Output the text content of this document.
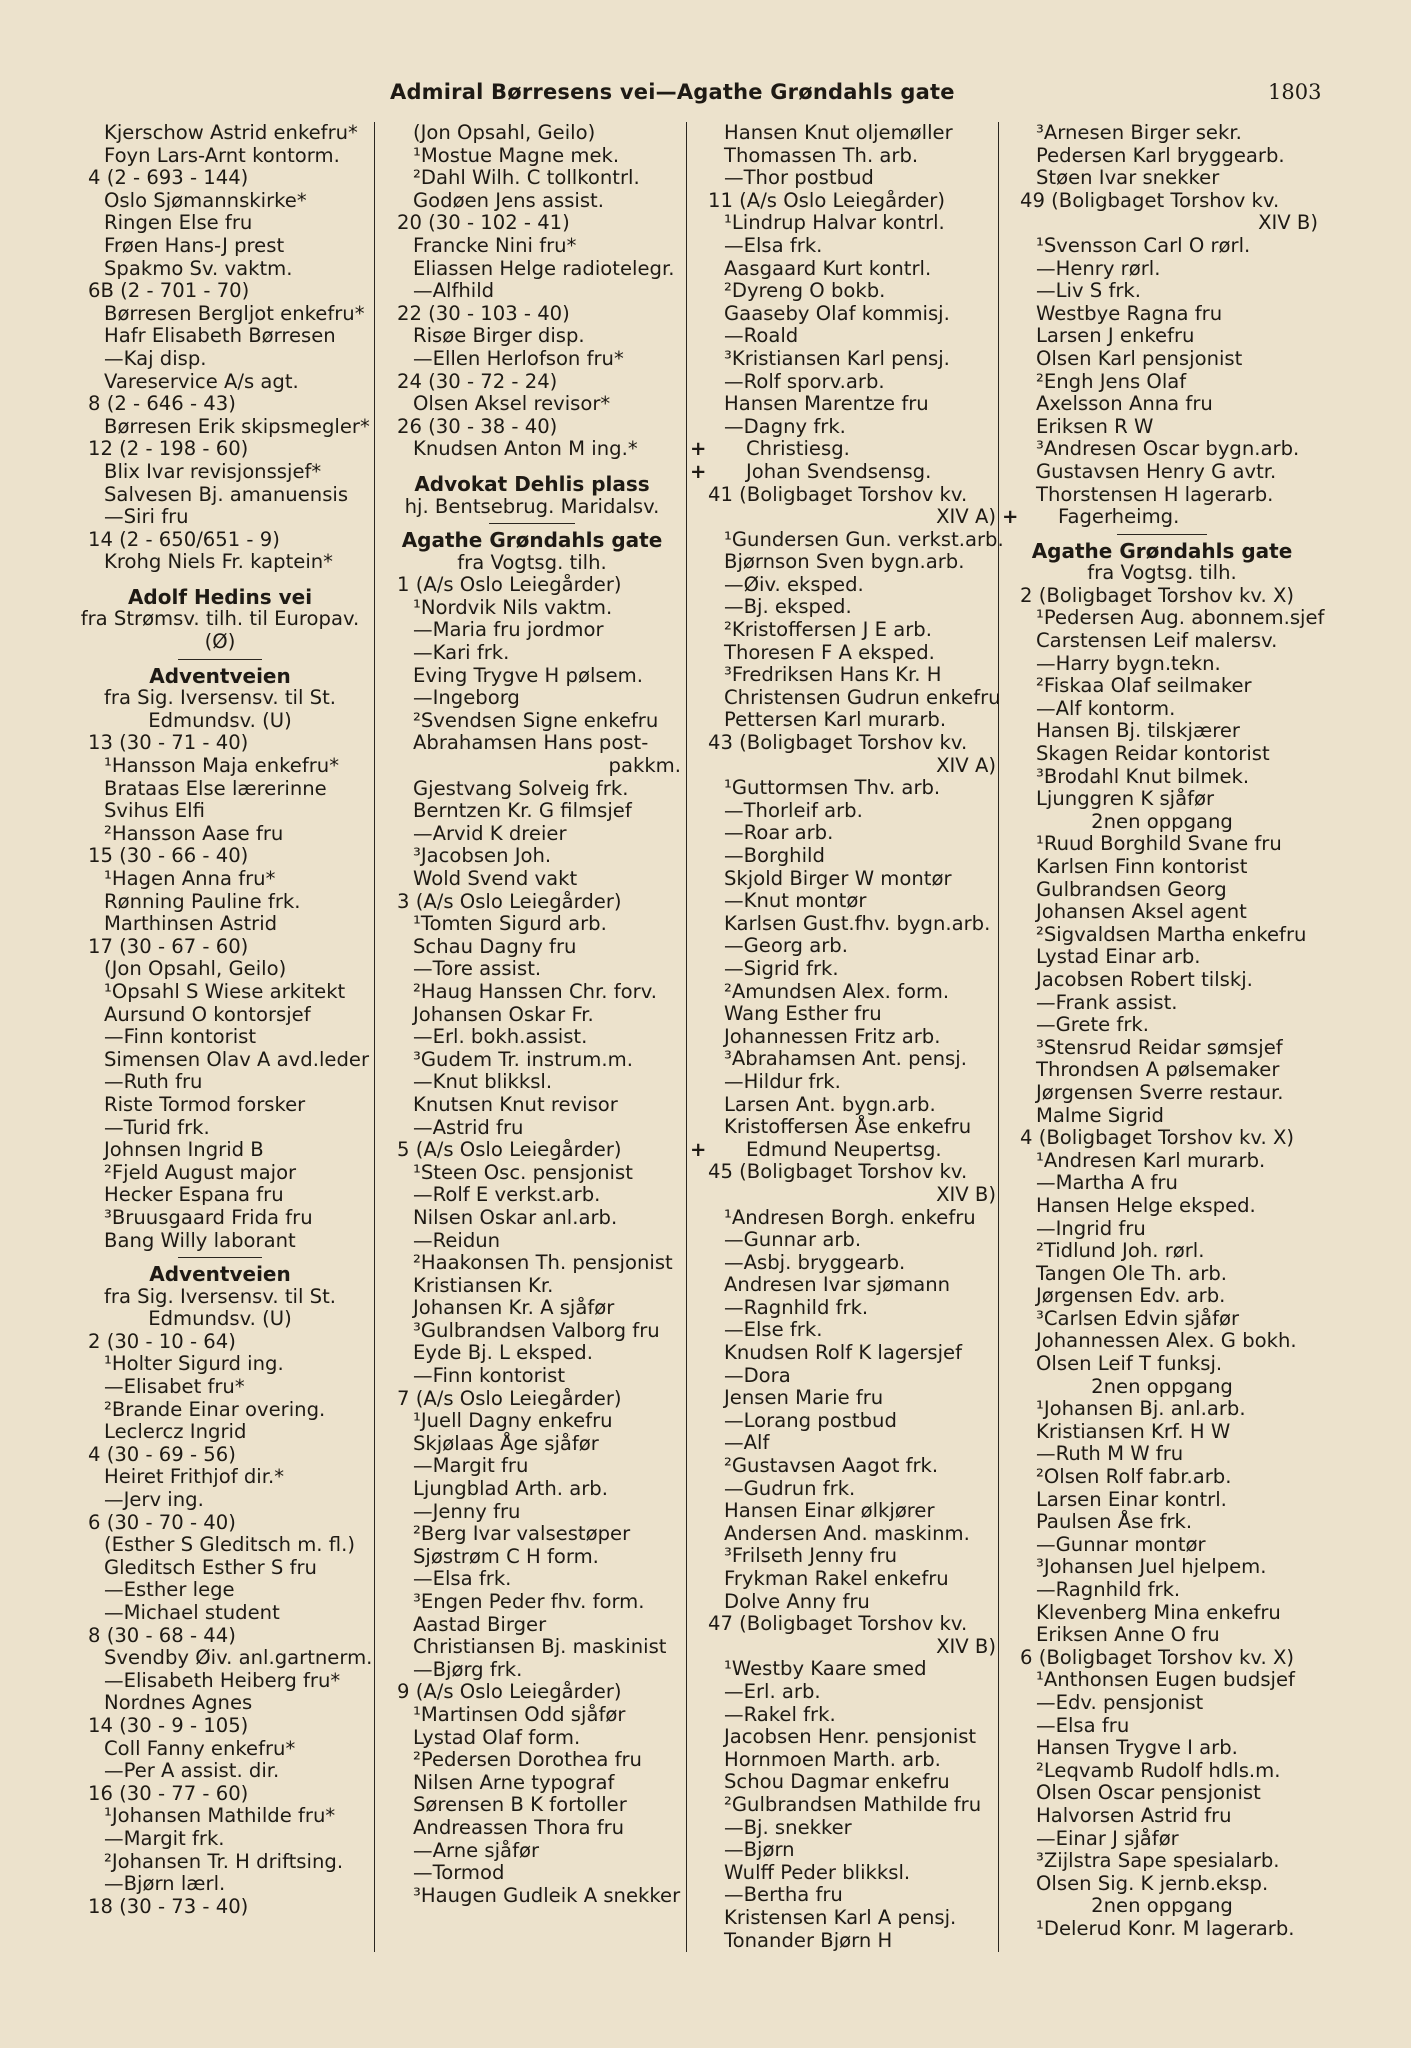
Admiral Børresens vei—Agathe Grøndahls gate	1803
Kjerschow Astrid enkefru*
Foyn Lars-Arnt kontorm.
4 (2 - 693 - 144)
Oslo Sjømannskirke*
Ringen Else fru
Frøen Hans-J prest
Spakmo Sv. vaktm.
6B (2 - 701 - 70)
Børresen Bergljot enkefru*
Hafr Elisabeth Børresen
—Kaj disp.
Vareservice A/s agt.
8 (2 - 646 - 43)
Børresen Erik skipsmegler*
12 (2 - 198 - 60)
Blix Ivar revisjonssjef*
Salvesen Bj. amanuensis
—Siri fru
14 (2 - 650/651 - 9)
Krohg Niels Fr. kaptein*
Adolf Hedins vei
fra Strømsv. tilh. til Europav.
(Ø)
Adventveien
fra Sig. Iversensv. til St.
Edmundsv. (U)
13 (30 - 71 - 40)
¹Hansson Maja enkefru*
Brataas Else lærerinne
Svihus Elfi
²Hansson Aase fru
15 (30 - 66 - 40)
¹Hagen Anna fru*
Rønning Pauline frk.
Marthinsen Astrid
17 (30 - 67 - 60)
(Jon Opsahl, Geilo)
¹Opsahl S Wiese arkitekt
Aursund O kontorsjef
—Finn kontorist
Simensen Olav A avd.leder
—Ruth fru
Riste Tormod forsker
—Turid frk.
Johnsen Ingrid B
²Fjeld August major
Hecker Espana fru
³Bruusgaard Frida fru
Bang Willy laborant
Adventveien
fra Sig. Iversensv. til St.
Edmundsv. (U)
2 (30 - 10 - 64)
¹Holter Sigurd ing.
—Elisabet fru*
²Brande Einar overing.
Leclercz Ingrid
4 (30 - 69 - 56)
Heiret Frithjof dir.*
—Jerv ing.
6 (30 - 70 - 40)
(Esther S Gleditsch m. fl.)
Gleditsch Esther S fru
—Esther lege
—Michael student
8 (30 - 68 - 44)
Svendby Øiv. anl.gartnerm.
—Elisabeth Heiberg fru*
Nordnes Agnes
14 (30 - 9 - 105)
Coll Fanny enkefru*
—Per A assist. dir.
16 (30 - 77 - 60)
¹Johansen Mathilde fru*
—Margit frk.
²Johansen Tr. H driftsing.
—Bjørn lærl.
18 (30 - 73 - 40)
(Jon Opsahl, Geilo)
¹Mostue Magne mek.
²Dahl Wilh. C tollkontrl.
Godøen Jens assist.
20 (30 - 102 - 41)
Francke Nini fru*
Eliassen Helge radiotelegr.
—Alfhild
22 (30 - 103 - 40)
Risøe Birger disp.
—Ellen Herlofson fru*
24 (30 - 72 - 24)
Olsen Aksel revisor*
26 (30 - 38 - 40)
Knudsen Anton M ing.*
Advokat Dehlis plass
hj. Bentsebrug. Maridalsv.
Agathe Grøndahls gate
fra Vogtsg. tilh.
1 (A/s Oslo Leiegårder)
¹Nordvik Nils vaktm.
—Maria fru jordmor
—Kari frk.
Eving Trygve H pølsem.
—Ingeborg
²Svendsen Signe enkefru
Abrahamsen Hans post-
pakkm.
Gjestvang Solveig frk.
Berntzen Kr. G filmsjef
—Arvid K dreier
³Jacobsen Joh.
Wold Svend vakt
3 (A/s Oslo Leiegårder)
¹Tomten Sigurd arb.
Schau Dagny fru
—Tore assist.
²Haug Hanssen Chr. forv.
Johansen Oskar Fr.
—Erl. bokh.assist.
³Gudem Tr. instrum.m.
—Knut blikksl.
Knutsen Knut revisor
—Astrid fru
5 (A/s Oslo Leiegårder)
¹Steen Osc. pensjonist
—Rolf E verkst.arb.
Nilsen Oskar anl.arb.
—Reidun
²Haakonsen Th. pensjonist
Kristiansen Kr.
Johansen Kr. A sjåfør
³Gulbrandsen Valborg fru
Eyde Bj. L eksped.
—Finn kontorist
7 (A/s Oslo Leiegårder)
¹Juell Dagny enkefru
Skjølaas Åge sjåfør
—Margit fru
Ljungblad Arth. arb.
—Jenny fru
²Berg Ivar valsestøper
Sjøstrøm C H form.
—Elsa frk.
³Engen Peder fhv. form.
Aastad Birger
Christiansen Bj. maskinist
—Bjørg frk.
9 (A/s Oslo Leiegårder)
¹Martinsen Odd sjåfør
Lystad Olaf form.
²Pedersen Dorothea fru
Nilsen Arne typograf
Sørensen B K fortoller
Andreassen Thora fru
—Arne sjåfør
—Tormod
³Haugen Gudleik A snekker
Hansen Knut oljemøller
Thomassen Th. arb.
—Thor postbud
11 (A/s Oslo Leiegårder)
¹Lindrup Halvar kontrl.
—Elsa frk.
Aasgaard Kurt kontrl.
²Dyreng O bokb.
Gaaseby Olaf kommisj.
—Roald
³Kristiansen Karl pensj.
—Rolf sporv.arb.
Hansen Marentze fru
—Dagny frk.
+ Christiesg.
+ Johan Svendsensg.
41 (Boligbaget Torshov kv.
XIV A)
¹Gundersen Gun. verkst.arb.
Bjørnson Sven bygn.arb.
—Øiv. eksped.
—Bj. eksped.
²Kristoffersen J E arb.
Thoresen F A eksped.
³Fredriksen Hans Kr. H
Christensen Gudrun enkefru
Pettersen Karl murarb.
43 (Boligbaget Torshov kv.
XIV A)
¹Guttormsen Thv. arb.
—Thorleif arb.
—Roar arb.
—Borghild
Skjold Birger W montør
—Knut montør
Karlsen Gust.fhv. bygn.arb.
—Georg arb.
—Sigrid frk.
²Amundsen Alex. form.
Wang Esther fru
Johannessen Fritz arb.
³Abrahamsen Ant. pensj.
—Hildur frk.
Larsen Ant. bygn.arb.
Kristoffersen Åse enkefru
+ Edmund Neupertsg.
45 (Boligbaget Torshov kv.
XIV B)
¹Andresen Borgh. enkefru
—Gunnar arb.
—Asbj. bryggearb.
Andresen Ivar sjømann
—Ragnhild frk.
—Else frk.
Knudsen Rolf K lagersjef
—Dora
Jensen Marie fru
—Lorang postbud
—Alf
²Gustavsen Aagot frk.
—Gudrun frk.
Hansen Einar ølkjører
Andersen And. maskinm.
³Frilseth Jenny fru
Frykman Rakel enkefru
Dolve Anny fru
47 (Boligbaget Torshov kv.
XIV B)
¹Westby Kaare smed
—Erl. arb.
—Rakel frk.
Jacobsen Henr. pensjonist
Hornmoen Marth. arb.
Schou Dagmar enkefru
²Gulbrandsen Mathilde fru
—Bj. snekker
—Bjørn
Wulff Peder blikksl.
—Bertha fru
Kristensen Karl A pensj.
Tonander Bjørn H
³Arnesen Birger sekr.
Pedersen Karl bryggearb.
Støen Ivar snekker
49 (Boligbaget Torshov kv.
XIV B)
¹Svensson Carl O rørl.
—Henry rørl.
—Liv S frk.
Westbye Ragna fru
Larsen J enkefru
Olsen Karl pensjonist
²Engh Jens Olaf
Axelsson Anna fru
Eriksen R W
³Andresen Oscar bygn.arb.
Gustavsen Henry G avtr.
Thorstensen H lagerarb.
+ Fagerheimg.
Agathe Grøndahls gate
fra Vogtsg. tilh.
2 (Boligbaget Torshov kv. X)
¹Pedersen Aug. abonnem.sjef
Carstensen Leif malersv.
—Harry bygn.tekn.
²Fiskaa Olaf seilmaker
—Alf kontorm.
Hansen Bj. tilskjærer
Skagen Reidar kontorist
³Brodahl Knut bilmek.
Ljunggren K sjåfør
2nen oppgang
¹Ruud Borghild Svane fru
Karlsen Finn kontorist
Gulbrandsen Georg
Johansen Aksel agent
²Sigvaldsen Martha enkefru
Lystad Einar arb.
Jacobsen Robert tilskj.
—Frank assist.
—Grete frk.
³Stensrud Reidar sømsjef
Throndsen A pølsemaker
Jørgensen Sverre restaur.
Malme Sigrid
4 (Boligbaget Torshov kv. X)
¹Andresen Karl murarb.
—Martha A fru
Hansen Helge eksped.
—Ingrid fru
²Tidlund Joh. rørl.
Tangen Ole Th. arb.
Jørgensen Edv. arb.
³Carlsen Edvin sjåfør
Johannessen Alex. G bokh.
Olsen Leif T funksj.
2nen oppgang
¹Johansen Bj. anl.arb.
Kristiansen Krf. H W
—Ruth M W fru
²Olsen Rolf fabr.arb.
Larsen Einar kontrl.
Paulsen Åse frk.
—Gunnar montør
³Johansen Juel hjelpem.
—Ragnhild frk.
Klevenberg Mina enkefru
Eriksen Anne O fru
6 (Boligbaget Torshov kv. X)
¹Anthonsen Eugen budsjef
—Edv. pensjonist
—Elsa fru
Hansen Trygve I arb.
²Leqvamb Rudolf hdls.m.
Olsen Oscar pensjonist
Halvorsen Astrid fru
—Einar J sjåfør
³Zijlstra Sape spesialarb.
Olsen Sig. K jernb.eksp.
2nen oppgang
¹Delerud Konr. M lagerarb.
